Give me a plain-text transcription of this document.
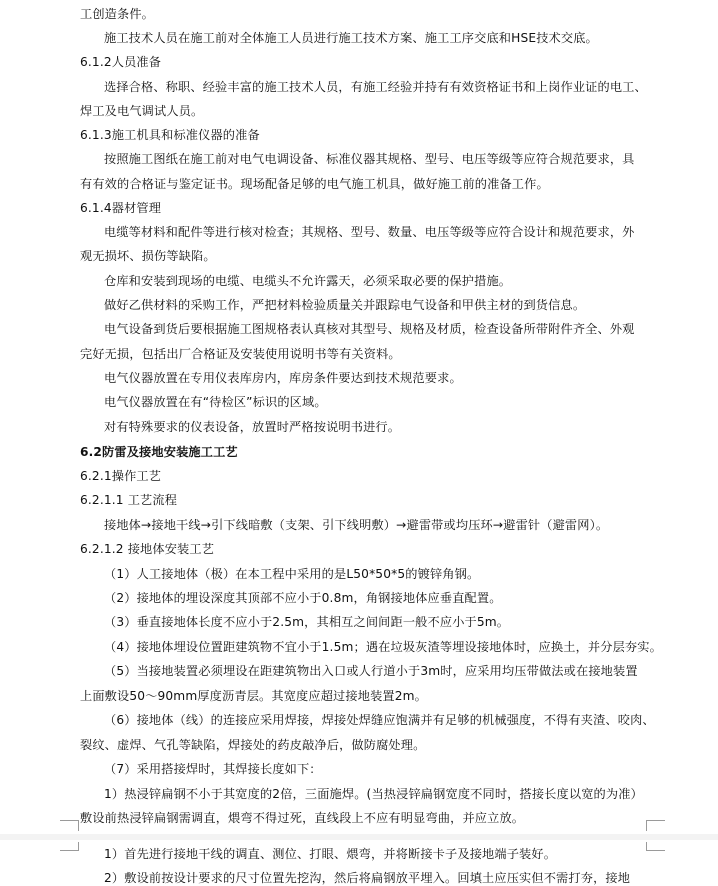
工创造条件。
施工技术人员在施工前对全体施工人员进行施工技术方案、施工工序交底和HSE技术交底。
6.1.2人员准备
选择合格、称职、经验丰富的施工技术人员，有施工经验并持有有效资格证书和上岗作业证的电工、
焊工及电气调试人员。
6.1.3施工机具和标准仪器的准备
按照施工图纸在施工前对电气电调设备、标准仪器其规格、型号、电压等级等应符合规范要求，具
有有效的合格证与鉴定证书。现场配备足够的电气施工机具，做好施工前的准备工作。
6.1.4器材管理
电缆等材料和配件等进行核对检查；其规格、型号、数量、电压等级等应符合设计和规范要求，外
观无损坏、损伤等缺陷。
仓库和安装到现场的电缆、电缆头不允许露天，必须采取必要的保护措施。
做好乙供材料的采购工作，严把材料检验质量关并跟踪电气设备和甲供主材的到货信息。
电气设备到货后要根据施工图规格表认真核对其型号、规格及材质，检查设备所带附件齐全、外观
完好无损，包括出厂合格证及安装使用说明书等有关资料。
电气仪器放置在专用仪表库房内，库房条件要达到技术规范要求。
电气仪器放置在有“待检区”标识的区域。
对有特殊要求的仪表设备，放置时严格按说明书进行。
6.2防雷及接地安装施工工艺
6.2.1操作工艺
6.2.1.1 工艺流程
接地体→接地干线→引下线暗敷（支架、引下线明敷）→避雷带或均压环→避雷针（避雷网）。
6.2.1.2 接地体安装工艺
（1）人工接地体（极）在本工程中采用的是L50*50*5的镀锌角钢。
（2）接地体的埋设深度其顶部不应小于0.8m，角钢接地体应垂直配置。
（3）垂直接地体长度不应小于2.5m，其相互之间间距一般不应小于5m。
（4）接地体埋设位置距建筑物不宜小于1.5m；遇在垃圾灰渣等埋设接地体时，应换土，并分层夯实。
（5）当接地装置必须埋设在距建筑物出入口或人行道小于3m时，应采用均压带做法或在接地装置
上面敷设50～90mm厚度沥青层。其宽度应超过接地装置2m。
（6）接地体（线）的连接应采用焊接，焊接处焊缝应饱满并有足够的机械强度，不得有夹渣、咬肉、
裂纹、虚焊、气孔等缺陷，焊接处的药皮敲净后，做防腐处理。
（7）采用搭接焊时，其焊接长度如下：
1）热浸锌扁钢不小于其宽度的2倍，三面施焊。(当热浸锌扁钢宽度不同时，搭接长度以宽的为准）
敷设前热浸锌扁钢需调直，煨弯不得过死，直线段上不应有明显弯曲，并应立放。
1）首先进行接地干线的调直、测位、打眼、煨弯，并将断接卡子及接地端子装好。
2）敷设前按设计要求的尺寸位置先挖沟，然后将扁钢放平埋入。回填土应压实但不需打夯，接地
